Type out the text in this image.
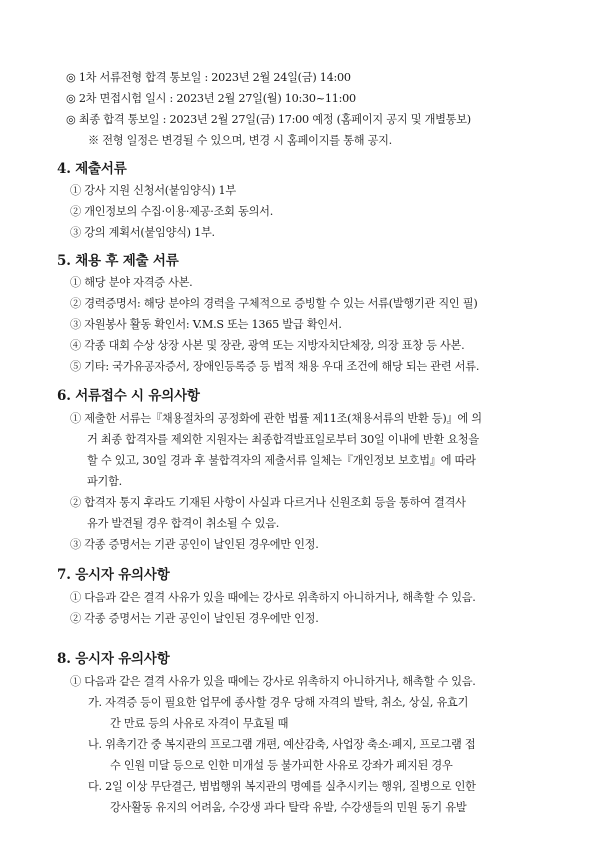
◎ 1차 서류전형 합격 통보일 : 2023년 2월 24일(금) 14:00
◎ 2차 면접시험 일시 : 2023년 2월 27일(월) 10:30~11:00
◎ 최종 합격 통보일 : 2023년 2월 27일(금) 17:00 예정 (홈페이지 공지 및 개별통보)
※ 전형 일정은 변경될 수 있으며, 변경 시 홈페이지를 통해 공지.
4. 제출서류
① 강사 지원 신청서(붙임양식) 1부
② 개인정보의 수집·이용·제공·조회 동의서.
③ 강의 계획서(붙임양식) 1부.
5. 채용 후 제출 서류
① 해당 분야 자격증 사본.
② 경력증명서: 해당 분야의 경력을 구체적으로 증빙할 수 있는 서류(발행기관 직인 필)
③ 자원봉사 활동 확인서: V.M.S 또는 1365 발급 확인서.
④ 각종 대회 수상 상장 사본 및 장관, 광역 또는 지방자치단체장, 의장 표창 등 사본.
⑤ 기타: 국가유공자증서, 장애인등록증 등 법적 채용 우대 조건에 해당 되는 관련 서류.
6. 서류접수 시 유의사항
① 제출한 서류는『채용절차의 공정화에 관한 법률 제11조(채용서류의 반환 등)』에 의
거 최종 합격자를 제외한 지원자는 최종합격발표일로부터 30일 이내에 반환 요청을
할 수 있고, 30일 경과 후 불합격자의 제출서류 일체는『개인정보 보호법』에 따라
파기함.
② 합격자 통지 후라도 기재된 사항이 사실과 다르거나 신원조회 등을 통하여 결격사
유가 발견될 경우 합격이 취소될 수 있음.
③ 각종 증명서는 기관 공인이 날인된 경우에만 인정.
7. 응시자 유의사항
① 다음과 같은 결격 사유가 있을 때에는 강사로 위촉하지 아니하거나, 해촉할 수 있음.
② 각종 증명서는 기관 공인이 날인된 경우에만 인정.
8. 응시자 유의사항
① 다음과 같은 결격 사유가 있을 때에는 강사로 위촉하지 아니하거나, 해촉할 수 있음.
가. 자격증 등이 필요한 업무에 종사할 경우 당해 자격의 발탁, 취소, 상실, 유효기
간 만료 등의 사유로 자격이 무효될 때
나. 위촉기간 중 복지관의 프로그램 개편, 예산감축, 사업장 축소·폐지, 프로그램 접
수 인원 미달 등으로 인한 미개설 등 불가피한 사유로 강좌가 폐지된 경우
다. 2일 이상 무단결근, 범법행위 복지관의 명예를 실추시키는 행위, 질병으로 인한
강사활동 유지의 어려움, 수강생 과다 탈락 유발, 수강생들의 민원 동기 유발
